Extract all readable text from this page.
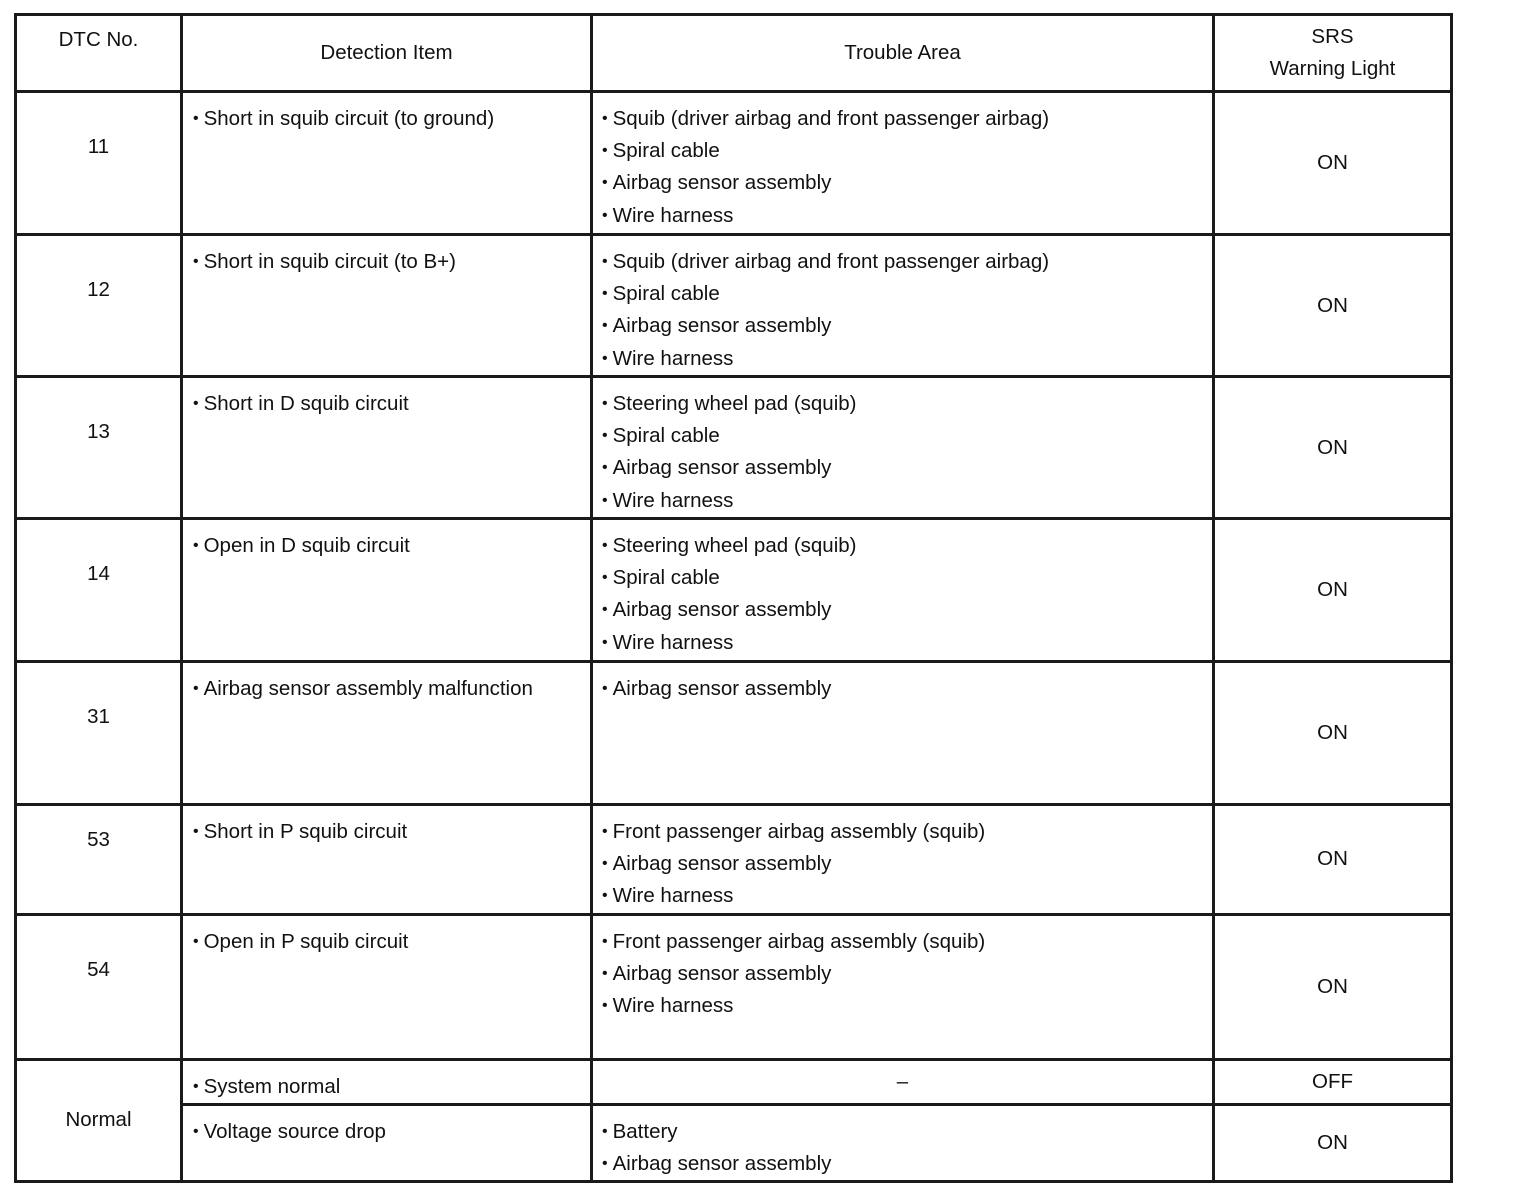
DTC No.	Detection Item	Trouble Area	SRS
Warning Light

11	• Short in squib circuit (to ground)	• Squib (driver airbag and front passenger airbag)
• Spiral cable
• Airbag sensor assembly
• Wire harness	ON

12	• Short in squib circuit (to B+)	• Squib (driver airbag and front passenger airbag)
• Spiral cable
• Airbag sensor assembly
• Wire harness	ON

13	• Short in D squib circuit	• Steering wheel pad (squib)
• Spiral cable
• Airbag sensor assembly
• Wire harness	ON

14	• Open in D squib circuit	• Steering wheel pad (squib)
• Spiral cable
• Airbag sensor assembly
• Wire harness	ON

31	• Airbag sensor assembly malfunction	• Airbag sensor assembly	ON

53	• Short in P squib circuit	• Front passenger airbag assembly (squib)
• Airbag sensor assembly
• Wire harness	ON

54	• Open in P squib circuit	• Front passenger airbag assembly (squib)
• Airbag sensor assembly
• Wire harness	ON
Normal	• System normal	–	OFF

	• Voltage source drop	• Battery
• Airbag sensor assembly	ON
